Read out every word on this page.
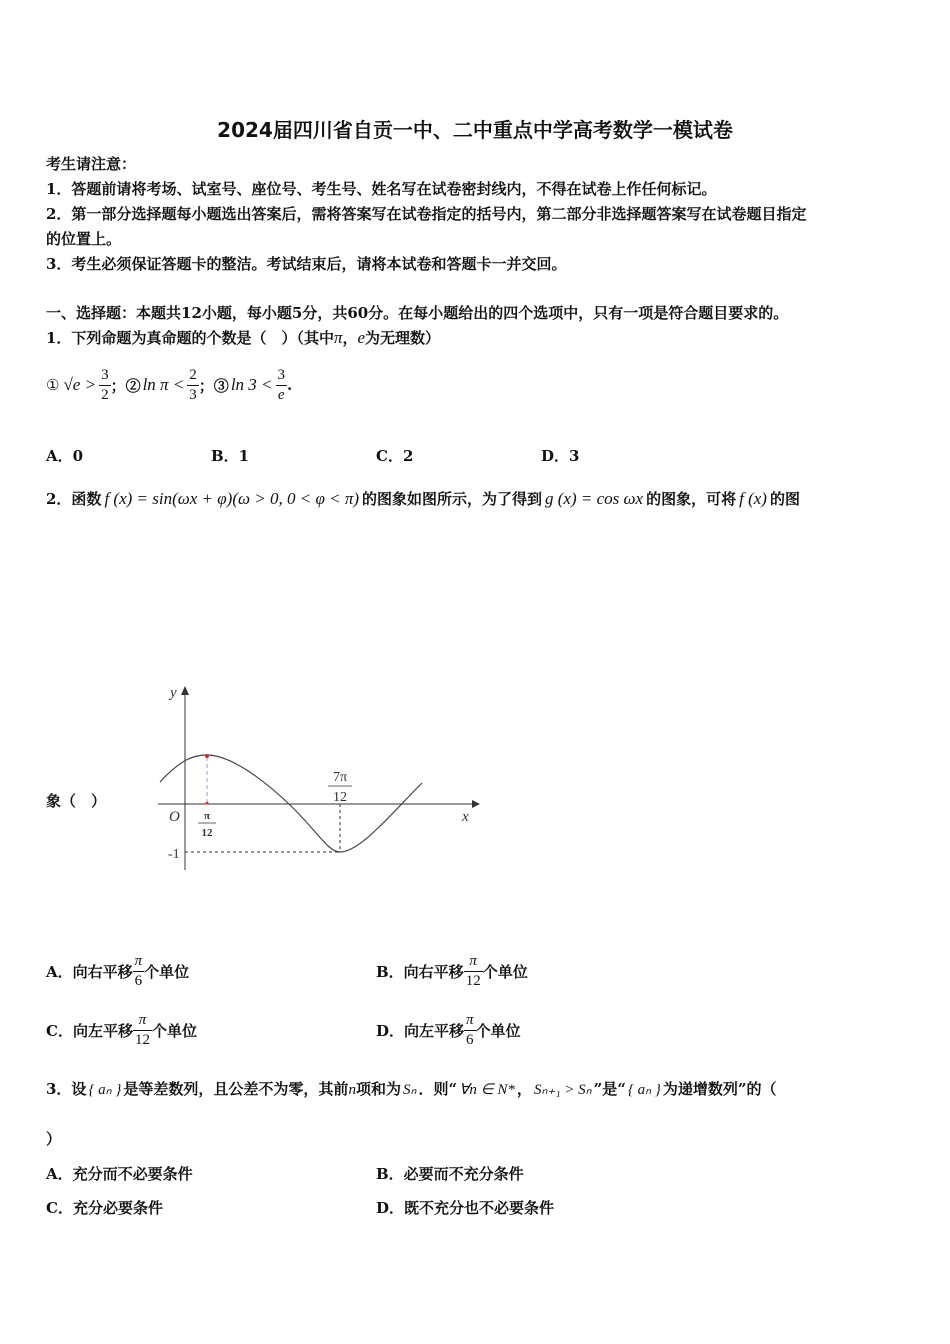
2024届四川省自贡一中、二中重点中学高考数学一模试卷
考生请注意：
1．答题前请将考场、试室号、座位号、考生号、姓名写在试卷密封线内，不得在试卷上作任何标记。
2．第一部分选择题每小题选出答案后，需将答案写在试卷指定的括号内，第二部分非选择题答案写在试卷题目指定
的位置上。
3．考生必须保证答题卡的整洁。考试结束后，请将本试卷和答题卡一并交回。
一、选择题：本题共12小题，每小题5分，共60分。在每小题给出的四个选项中，只有一项是符合题目要求的。
1．下列命题为真命题的个数是（　）（其中π，e为无理数）
① $√e > \frac{3}{2}$ ；② $\ln \pi < \frac{2}{3}$ ；③ $\ln 3 < \frac{3}{e}$ .
A．0	B．1	C．2	D．3
2．函数 f (x) = sin(ωx + φ)(ω > 0, 0 < φ < π) 的图象如图所示，为了得到 g (x) = cos ωx 的图象，可将 f (x) 的图
象（　）
y
x
O
-1
π
12
7π
12
A．向右平移 $\frac{\pi}{6}$ 个单位	B．向右平移 $\frac{\pi}{12}$ 个单位
C．向左平移 $\frac{\pi}{12}$ 个单位	D．向左平移 $\frac{\pi}{6}$ 个单位
3．设 { aₙ } 是等差数列，且公差不为零，其前n项和为 Sₙ ．则“ ∀n ∈ N* ， Sₙ₊₁ > Sₙ ”是“ { aₙ } 为递增数列”的（
）
A．充分而不必要条件	B．必要而不充分条件
C．充分必要条件	D．既不充分也不必要条件
